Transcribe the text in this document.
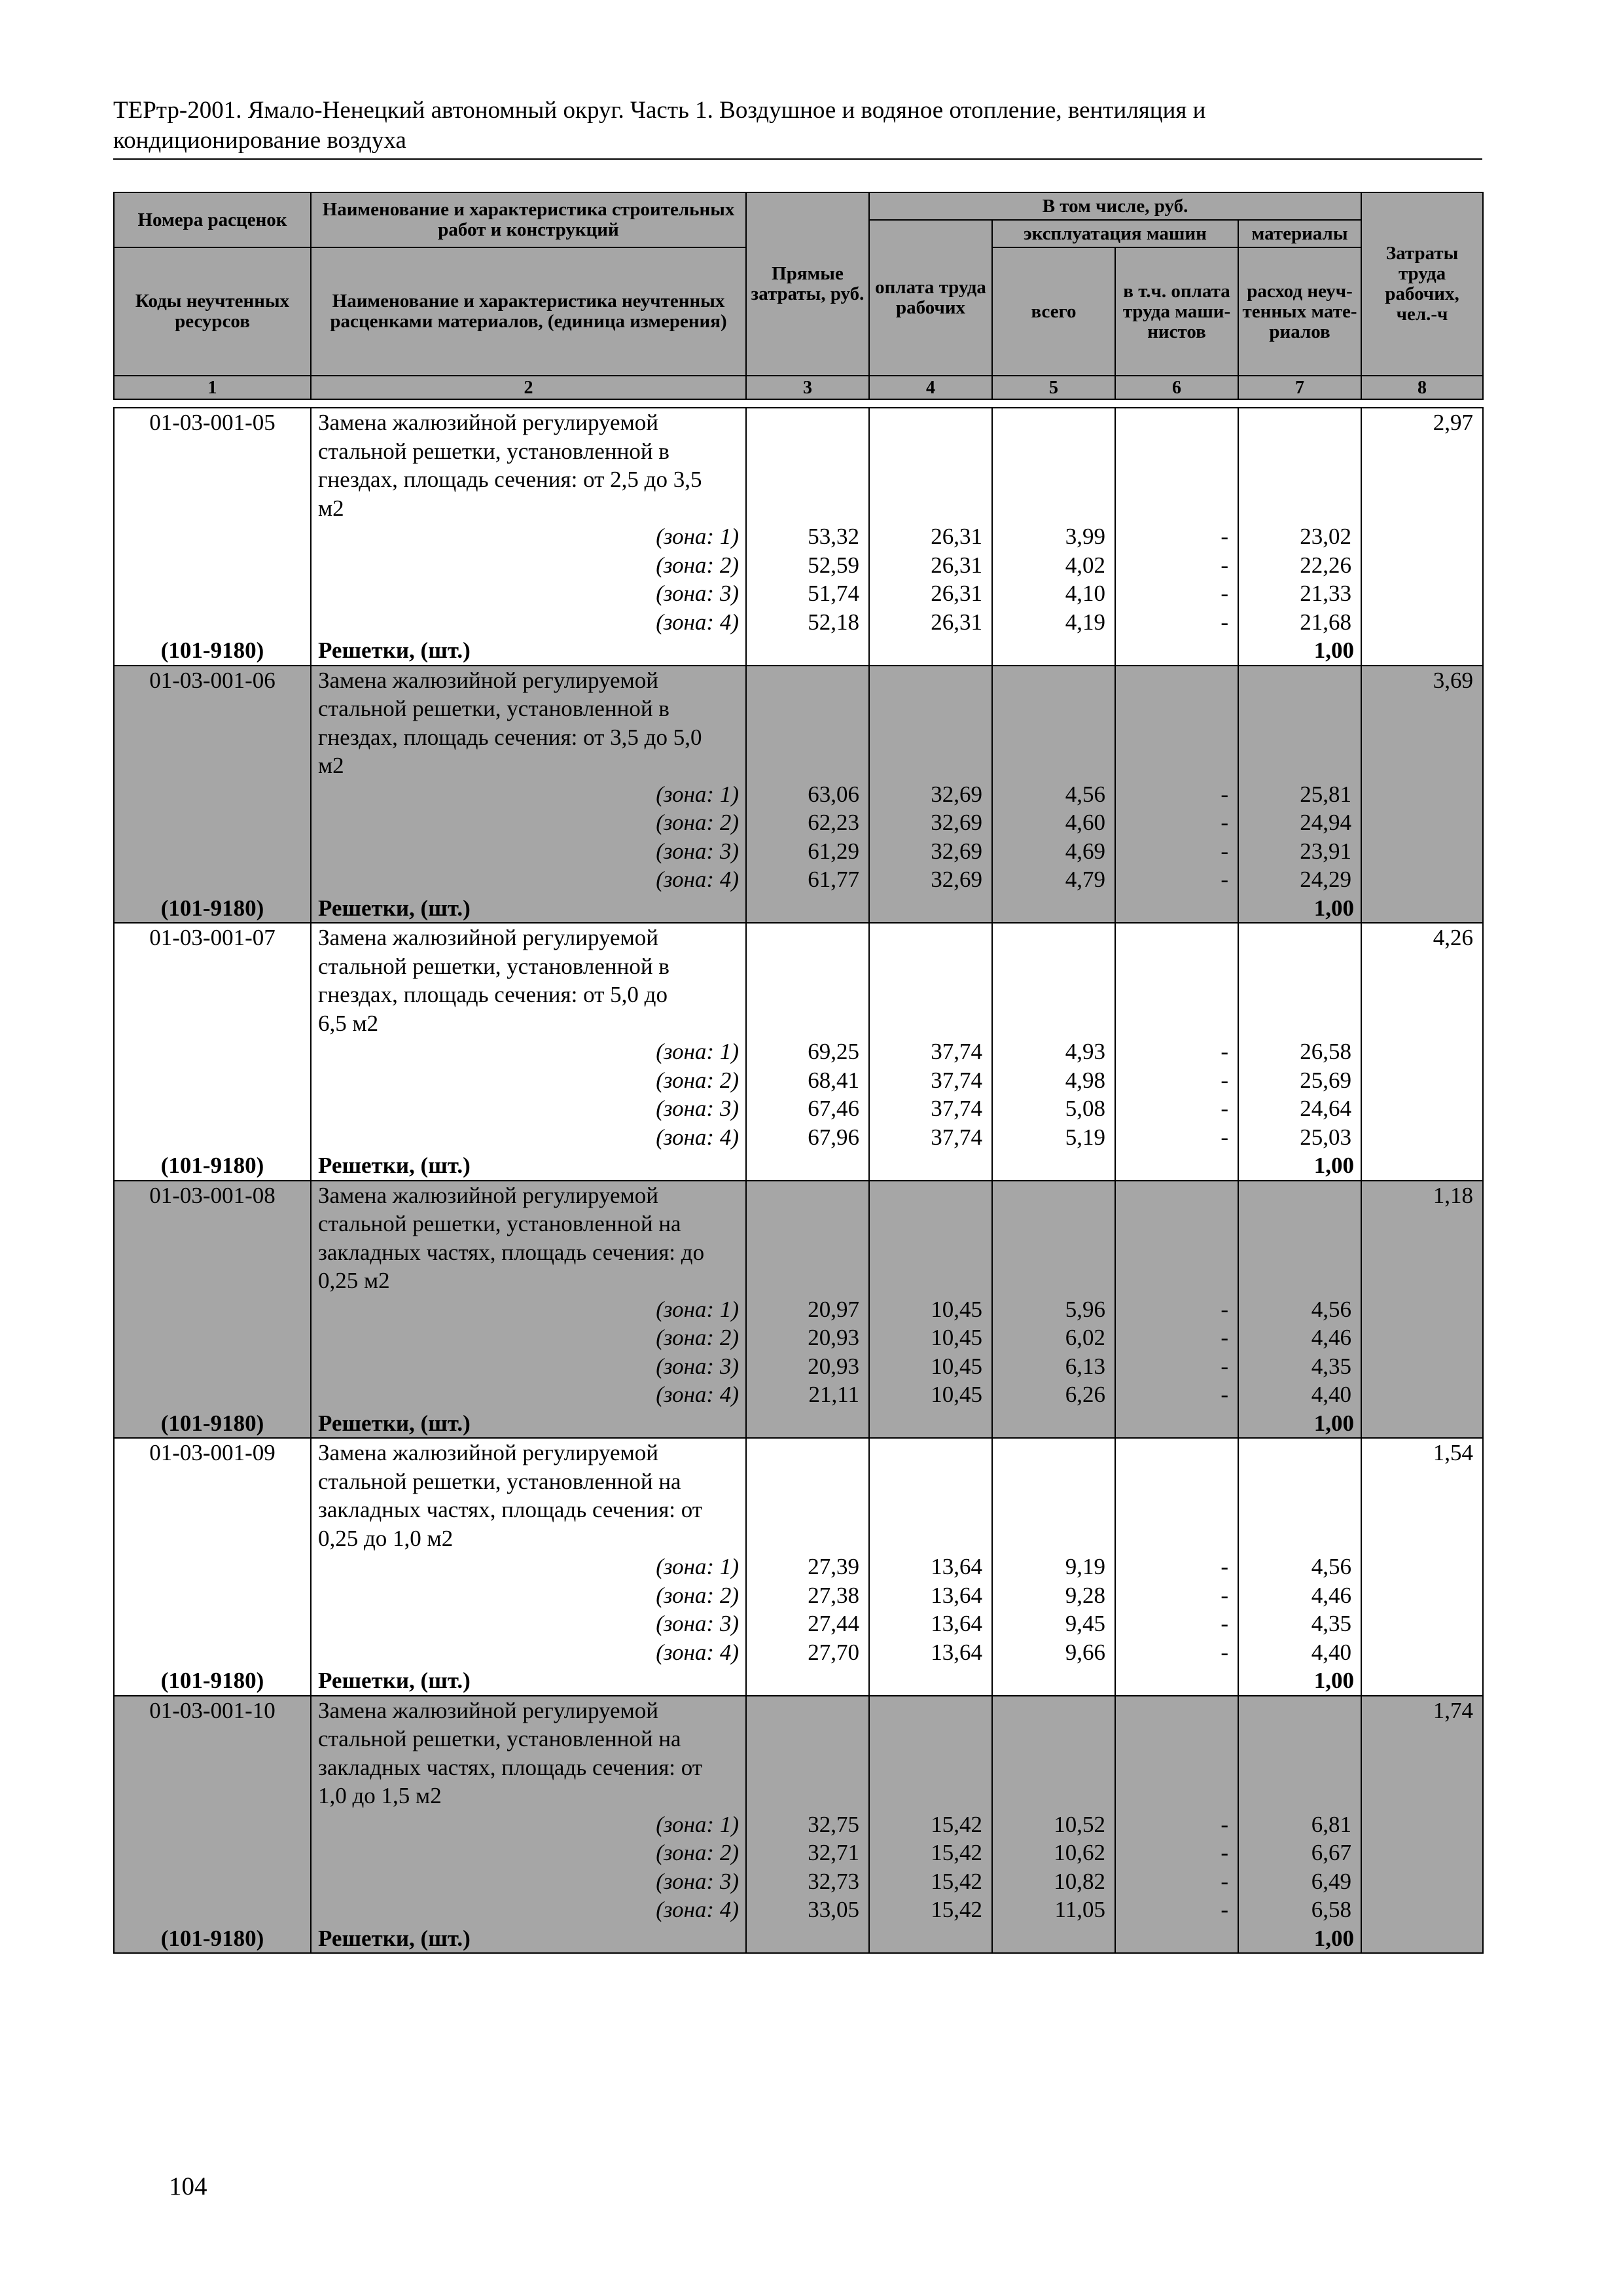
ТЕРтр-2001. Ямало-Ненецкий автономный округ. Часть 1. Воздушное и водяное отопление, вентиляция и
кондиционирование воздуха
Номера расценок	Наименование и характеристика строительных работ и конструкций	Прямые затраты, руб.	В том числе, руб.				Затраты труда рабочих, чел.-ч
			оплата труда рабочих	эксплуатация машин		материалы	
Коды неучтенных ресурсов	Наименование и характеристика неучтенных расценками материалов, (единица измерения)			всего	в т.ч. оплата труда маши- нистов	расход неуч- тенных мате- риалов	

1	2	3	4	5	6	7	8
01-03-001-05	Замена жалюзийной регулируемой						2,97
	стальной решетки, установленной в						
	гнездах, площадь сечения: от 2,5 до 3,5						
	м2						
	(зона: 1)	53,32	26,31	3,99	-	23,02	
	(зона: 2)	52,59	26,31	4,02	-	22,26	
	(зона: 3)	51,74	26,31	4,10	-	21,33	
	(зона: 4)	52,18	26,31	4,19	-	21,68	
(101-9180)	Решетки, (шт.)					1,00	
01-03-001-06	Замена жалюзийной регулируемой						3,69
	стальной решетки, установленной в						
	гнездах, площадь сечения: от 3,5 до 5,0						
	м2						
	(зона: 1)	63,06	32,69	4,56	-	25,81	
	(зона: 2)	62,23	32,69	4,60	-	24,94	
	(зона: 3)	61,29	32,69	4,69	-	23,91	
	(зона: 4)	61,77	32,69	4,79	-	24,29	
(101-9180)	Решетки, (шт.)					1,00	
01-03-001-07	Замена жалюзийной регулируемой						4,26
	стальной решетки, установленной в						
	гнездах, площадь сечения: от 5,0 до						
	6,5 м2						
	(зона: 1)	69,25	37,74	4,93	-	26,58	
	(зона: 2)	68,41	37,74	4,98	-	25,69	
	(зона: 3)	67,46	37,74	5,08	-	24,64	
	(зона: 4)	67,96	37,74	5,19	-	25,03	
(101-9180)	Решетки, (шт.)					1,00	
01-03-001-08	Замена жалюзийной регулируемой						1,18
	стальной решетки, установленной на						
	закладных частях, площадь сечения: до						
	0,25 м2						
	(зона: 1)	20,97	10,45	5,96	-	4,56	
	(зона: 2)	20,93	10,45	6,02	-	4,46	
	(зона: 3)	20,93	10,45	6,13	-	4,35	
	(зона: 4)	21,11	10,45	6,26	-	4,40	
(101-9180)	Решетки, (шт.)					1,00	
01-03-001-09	Замена жалюзийной регулируемой						1,54
	стальной решетки, установленной на						
	закладных частях, площадь сечения: от						
	0,25 до 1,0 м2						
	(зона: 1)	27,39	13,64	9,19	-	4,56	
	(зона: 2)	27,38	13,64	9,28	-	4,46	
	(зона: 3)	27,44	13,64	9,45	-	4,35	
	(зона: 4)	27,70	13,64	9,66	-	4,40	
(101-9180)	Решетки, (шт.)					1,00	
01-03-001-10	Замена жалюзийной регулируемой						1,74
	стальной решетки, установленной на						
	закладных частях, площадь сечения: от						
	1,0 до 1,5 м2						
	(зона: 1)	32,75	15,42	10,52	-	6,81	
	(зона: 2)	32,71	15,42	10,62	-	6,67	
	(зона: 3)	32,73	15,42	10,82	-	6,49	
	(зона: 4)	33,05	15,42	11,05	-	6,58	
(101-9180)	Решетки, (шт.)					1,00	
104
